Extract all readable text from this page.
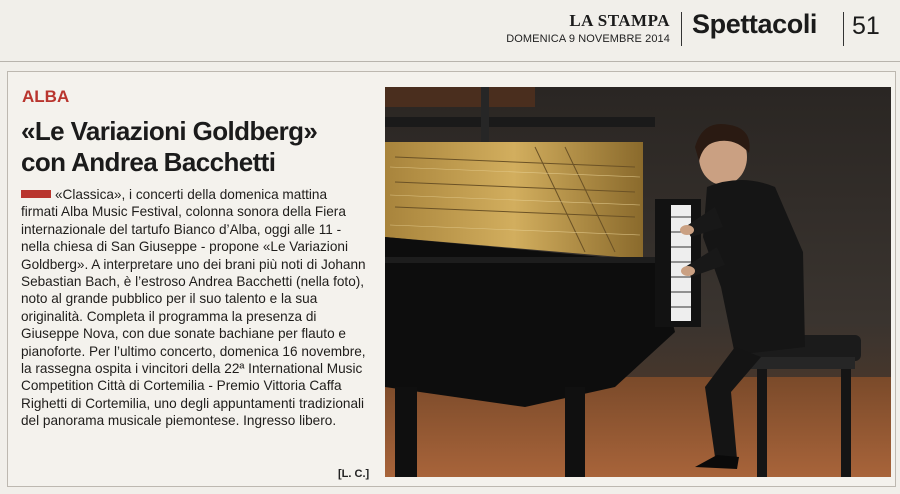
LA STAMPA
DOMENICA 9 NOVEMBRE 2014 Spettacoli 51
ALBA
«Le Variazioni Goldberg»
con Andrea Bacchetti

«Classica», i concerti della domenica mattina firmati Alba Music Festival, colonna sonora della Fiera internazionale del tartufo Bianco d’Alba, oggi alle 11 - nella chiesa di San Giuseppe - propone «Le Variazioni Goldberg». A interpretare uno dei brani più noti di Johann Sebastian Bach, è l’estroso Andrea Bacchetti (nella foto), noto al grande pubblico per il suo talento e la sua originalità. Completa il programma la presenza di Giuseppe Nova, con due sonate bachiane per flauto e pianoforte. Per l’ultimo concerto, domenica 16 novembre, la rassegna ospita i vincitori della 22ª International Music Competition Città di Cortemilia - Premio Vittoria Caffa Righetti di Cortemilia, uno degli appuntamenti tradizionali del panorama musicale piemontese. Ingresso libero.

[L. C.]
